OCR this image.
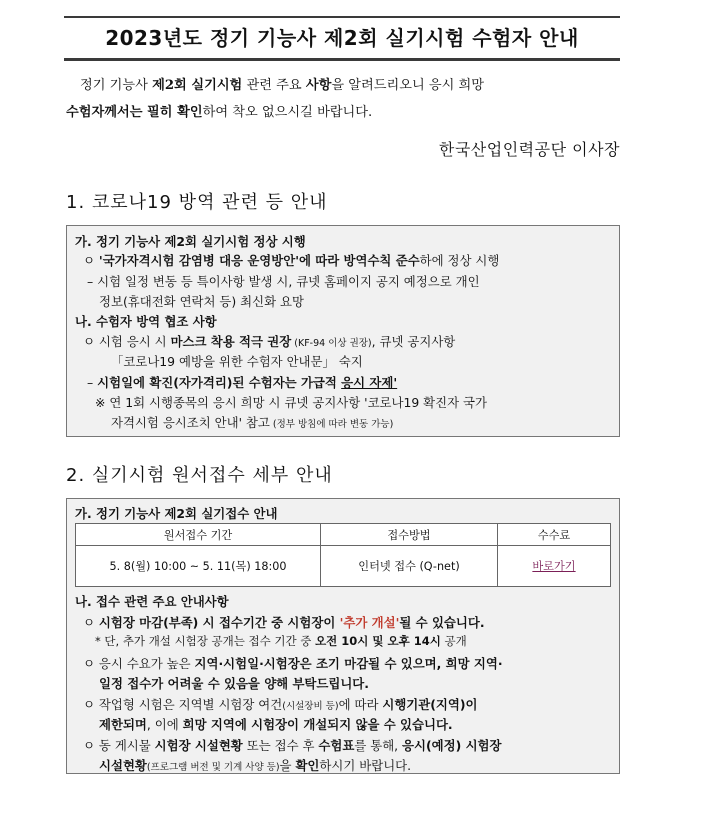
2023년도 정기 기능사 제2회 실기시험 수험자 안내
정기 기능사 제2회 실기시험 관련 주요 사항을 알려드리오니 응시 희망
수험자께서는 필히 확인하여 착오 없으시길 바랍니다.
한국산업인력공단 이사장
1. 코로나19 방역 관련 등 안내
가. 정기 기능사 제2회 실기시험 정상 시행
ㅇ '국가자격시험 감염병 대응 운영방안'에 따라 방역수칙 준수하에 정상 시행
– 시험 일정 변동 등 특이사항 발생 시, 큐넷 홈페이지 공지 예정으로 개인
정보(휴대전화 연락처 등) 최신화 요망
나. 수험자 방역 협조 사항
ㅇ 시험 응시 시 마스크 착용 적극 권장 (KF-94 이상 권장), 큐넷 공지사항
「코로나19 예방을 위한 수험자 안내문」 숙지
– 시험일에 확진(자가격리)된 수험자는 가급적 응시 자제'
※ 연 1회 시행종목의 응시 희망 시 큐넷 공지사항 '코로나19 확진자 국가
자격시험 응시조치 안내' 참고 (정부 방침에 따라 변동 가능)
2. 실기시험 원서접수 세부 안내
가. 정기 기능사 제2회 실기접수 안내
원서접수 기간	접수방법	수수료
5. 8(월) 10:00 ~ 5. 11(목) 18:00	인터넷 접수 (Q-net)	바로가기
나. 접수 관련 주요 안내사항
ㅇ 시험장 마감(부족) 시 접수기간 중 시험장이 '추가 개설'될 수 있습니다.
* 단, 추가 개설 시험장 공개는 접수 기간 중 오전 10시 및 오후 14시 공개
ㅇ 응시 수요가 높은 지역·시험일·시험장은 조기 마감될 수 있으며, 희망 지역·
일정 접수가 어려울 수 있음을 양해 부탁드립니다.
ㅇ 작업형 시험은 지역별 시험장 여건(시설장비 등)에 따라 시행기관(지역)이
제한되며, 이에 희망 지역에 시험장이 개설되지 않을 수 있습니다.
ㅇ 동 게시물 시험장 시설현황 또는 접수 후 수험표를 통해, 응시(예정) 시험장
시설현황(프로그램 버전 및 기계 사양 등)을 확인하시기 바랍니다.
